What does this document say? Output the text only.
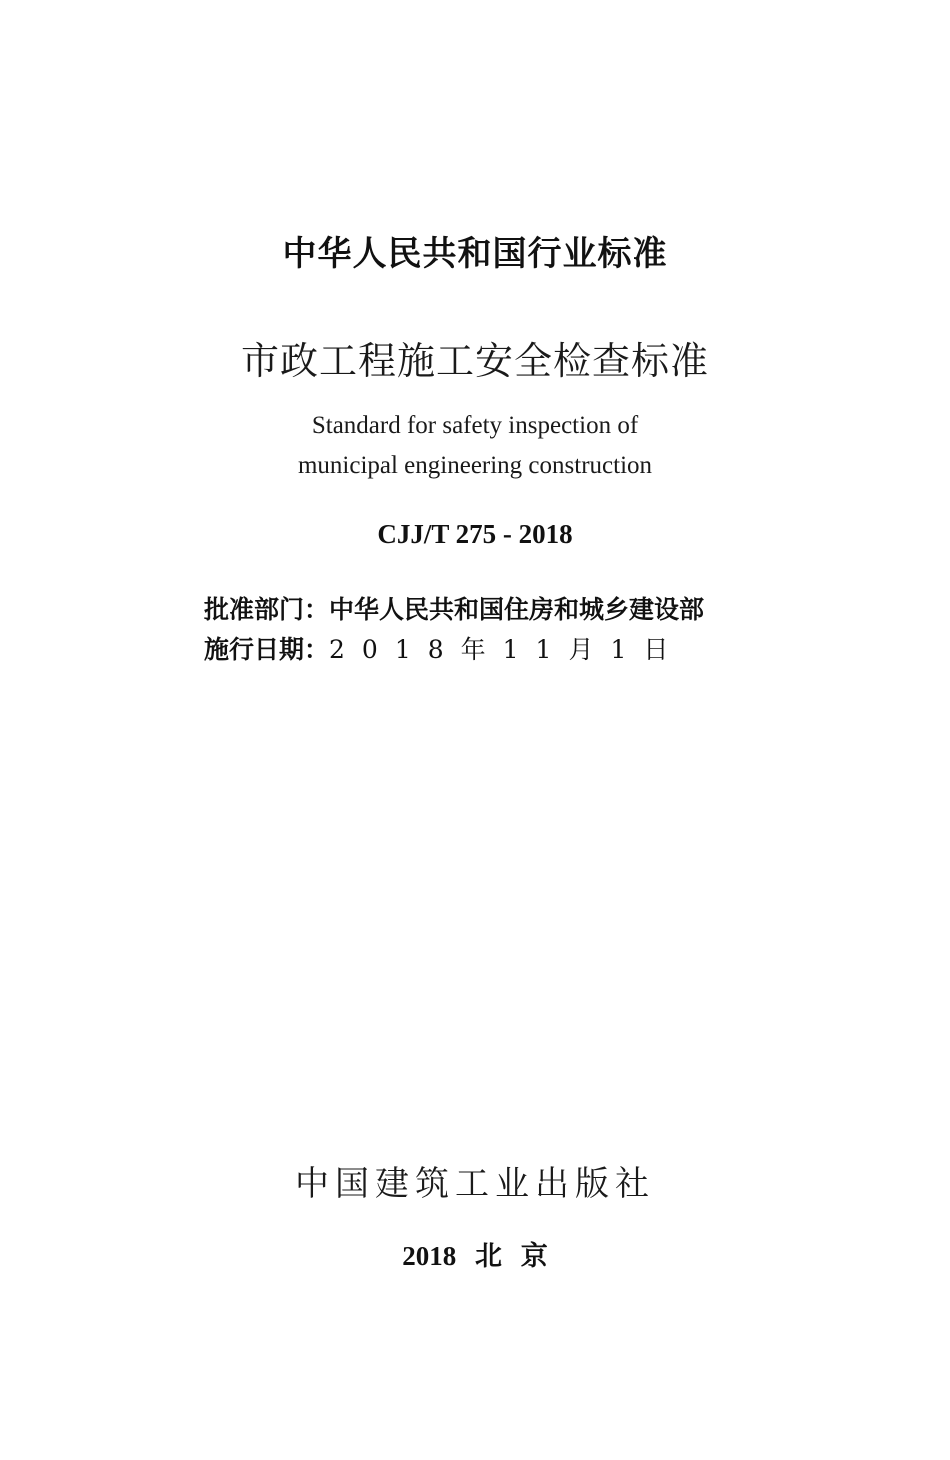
中华人民共和国行业标准
市政工程施工安全检查标准
Standard for safety inspection of
municipal engineering construction
CJJ/T 275 - 2018
批准部门：中华人民共和国住房和城乡建设部
施行日期：2018年11月1日
中国建筑工业出版社
2018 北 京
